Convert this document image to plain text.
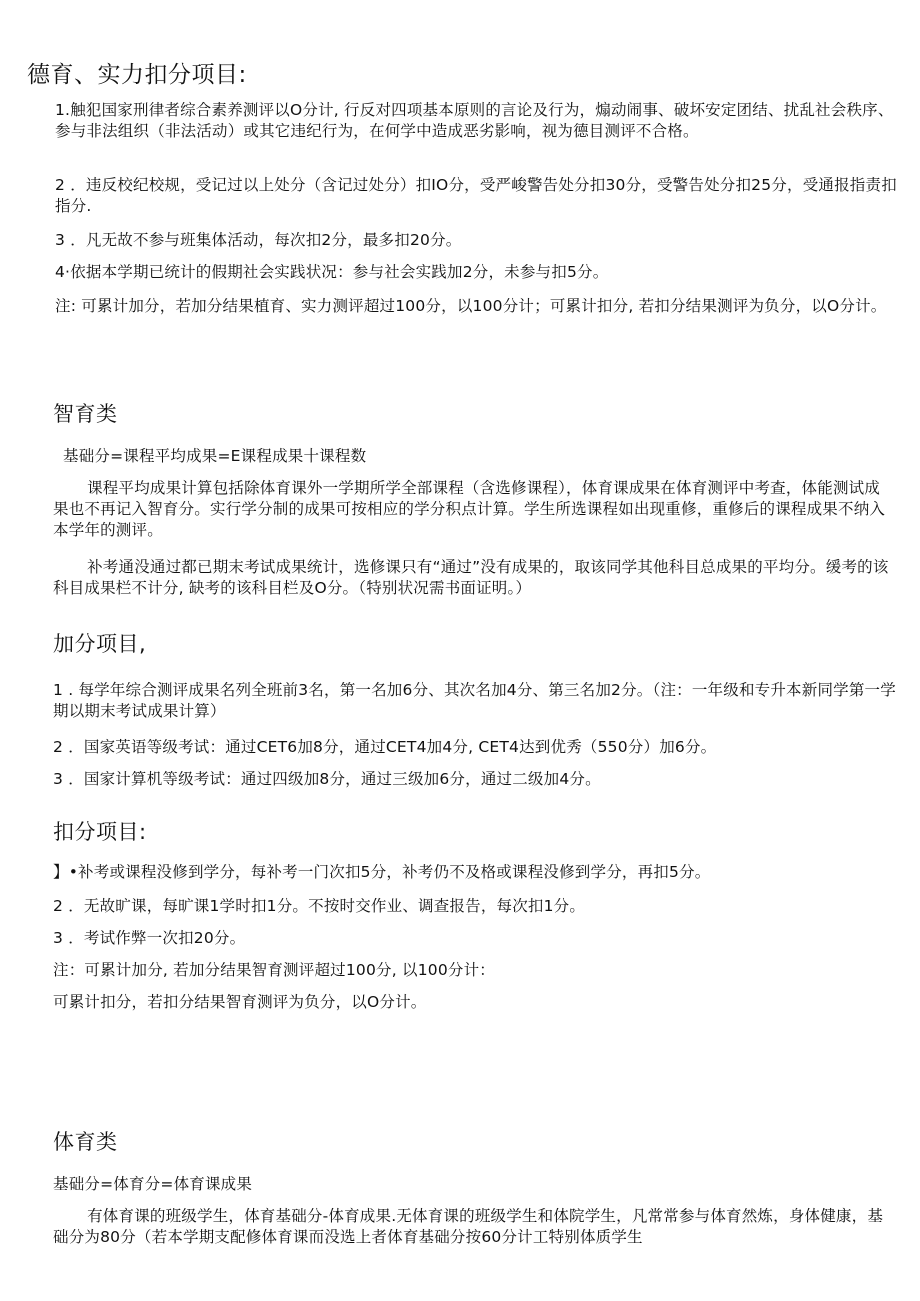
德育、实力扣分项目:

1.触犯国家刑律者综合素养测评以O分计, 行反对四项基本原则的言论及行为，煽动闹事、破坏安定团结、扰乱社会秩序、参与非法组织（非法活动）或其它违纪行为，在何学中造成恶劣影响，视为德目测评不合格。

2 ．违反校纪校规，受记过以上处分（含记过处分）扣IO分，受严峻警告处分扣30分，受警告处分扣25分，受通报指责扣指分.

3 ．凡无故不参与班集体活动，每次扣2分，最多扣20分。

4·依据本学期已统计的假期社会实践状况：参与社会实践加2分，未参与扣5分。

注: 可累计加分，若加分结果植育、实力测评超过100分，以100分计；可累计扣分, 若扣分结果测评为负分，以O分计。

智育类

基础分=课程平均成果=E课程成果十课程数

课程平均成果计算包括除体育课外一学期所学全部课程（含选修课程），体育课成果在体育测评中考查，体能测试成果也不再记入智育分。实行学分制的成果可按相应的学分积点计算。学生所选课程如出现重修，重修后的课程成果不纳入本学年的测评。

补考通没通过都已期末考试成果统计，选修课只有“通过”没有成果的，取该同学其他科目总成果的平均分。缓考的该科目成果栏不计分, 缺考的该科目栏及O分。（特别状况需书面证明。）

加分项目,

1 . 每学年综合测评成果名列全班前3名，第一名加6分、其次名加4分、第三名加2分。（注：一年级和专升本新同学第一学期以期末考试成果计算）

2 ．国家英语等级考试：通过CET6加8分，通过CET4加4分, CET4达到优秀（550分）加6分。

3 ．国家计算机等级考试：通过四级加8分，通过三级加6分，通过二级加4分。

扣分项目:

】•补考或课程没修到学分，每补考一门次扣5分，补考仍不及格或课程没修到学分，再扣5分。

2 ．无故旷课，每旷课1学时扣1分。不按时交作业、调查报告，每次扣1分。

3 ．考试作弊一次扣20分。

注：可累计加分, 若加分结果智育测评超过100分, 以100分计：

可累计扣分，若扣分结果智育测评为负分，以O分计。

体育类

基础分=体育分=体育课成果

有体育课的班级学生，体育基础分-体育成果.无体育课的班级学生和体院学生，凡常常参与体育然炼，身体健康，基础分为80分（若本学期支配修体育课而没选上者体育基础分按60分计工特别体质学生
